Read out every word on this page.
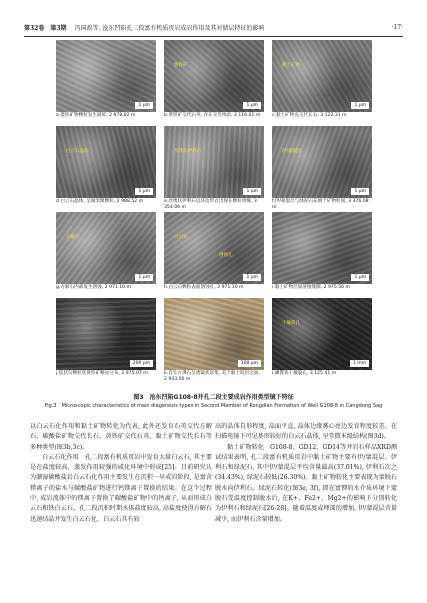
第32卷　第3期 冯国政等. 沧东凹陷孔二段富有机质页岩成岩作用及其对储层特征的影响	·17·
1 μm
a.菱铁矿物颗粒发生破碎, 2 978.82 m
黄铁矿
1 μm
b.黄铁矿交代石英, 存在交代残余, 3 116.01 m
黏土矿物
1 μm
c.黏土矿物充交代长石, 3 122.31 m
白云石晶体
1 μm
d.白云石晶体, 呈微米级颗粒, 2 988.52 m
丝缕状伊利石
1 μm
e.丝缕状伊利石以环边形式出现在颗粒周缘, 3 354.06 m
伊/蒙混层
1 μm
f.伊/蒙混层与绿泥石充填于矿物粒间, 3 376.08 m
方解石
1 μm
g.方解石内部发生溶蚀, 2 971.10 m
白云石
溶蚀孔
1 μm
h.白云石颗粒表面溶蚀孔, 2 971.10 m
1 μm
i.黏土矿物层间溶蚀缝隙, 2 975.56 m
200 μm
j.纹状勾颗粒状黄铁矿略显分布, 2 975.07 m
100 μm
k.自生方沸石呈透镜状富集, 美于黏土纹层之间, 2 943.00 m
干燥裂孔
1 mm
l.磷質状干燥裂孔, 3 125.41 m
图3　沧东凹陷G108-8井孔二段主要成岩作用类型镜下特征
Fig.3　Microscopic characteristics of main diagenesis types in Second Member of Kongdian Formation of Well G108-8 in Cangdong Sag

以白云石化作用和黏土矿物转化为代表, 此外还发育石英交代方解石、碳酸盐矿物交代长石、黄铁矿交代石英、黏土矿物交代长石等多种类型(图3b,3c)。

白云石化作用　孔二段富有机质页岩中发育大量白云石, 其主要是在盐度较高、蒸发作用较强的咸化环境中形成[25]。目前研究认为潮湿碳酸盐岩白云石化作用主要发生在沉积一早成岩阶段, 是富含镁离子的盐水与碳酸盐矿物进行钙镁离子置换的结果。在这个过程中, 成岩流体中的镁离子置换了碳酸盐矿物中的钙离子, 从而形成白云石和铁白云石。孔二段沉积时期水体盐度较高, 高盐度使得方解石迅速结晶并发生白云石化。白云石具有较

高的晶体自形程度, 晶面平直, 晶体边缘雾心亮边发育程度较差。在扫描电镜下可见基形较好的白云石晶体, 呈堂微米级结构(图3d)。

黏土矿物转化　G108-8、GD12、GD14等井岩石样品XRD测试结果表明, 孔二段富有机质页岩中黏土矿物主要有伊/蒙混层、伊利石和绿泥石, 其中伊/蒙混层平均含量最高(37.01%), 伊利石次之(34.43%), 绿泥石较低(26.30%)。黏土矿物转化主要表现为蒙脱石脱水向伊利石、绿泥石转化(图3e, 3f), 即在富钾的水介质环境下蒙脱石受温度控制脱水后, 在K+、Fe2+、Mg2+的影响下分别转化为伊利石和绿泥石[26-28]。随着温度或埋深的增加, 伊/蒙混层含量减少, 而伊利石含量增加。
